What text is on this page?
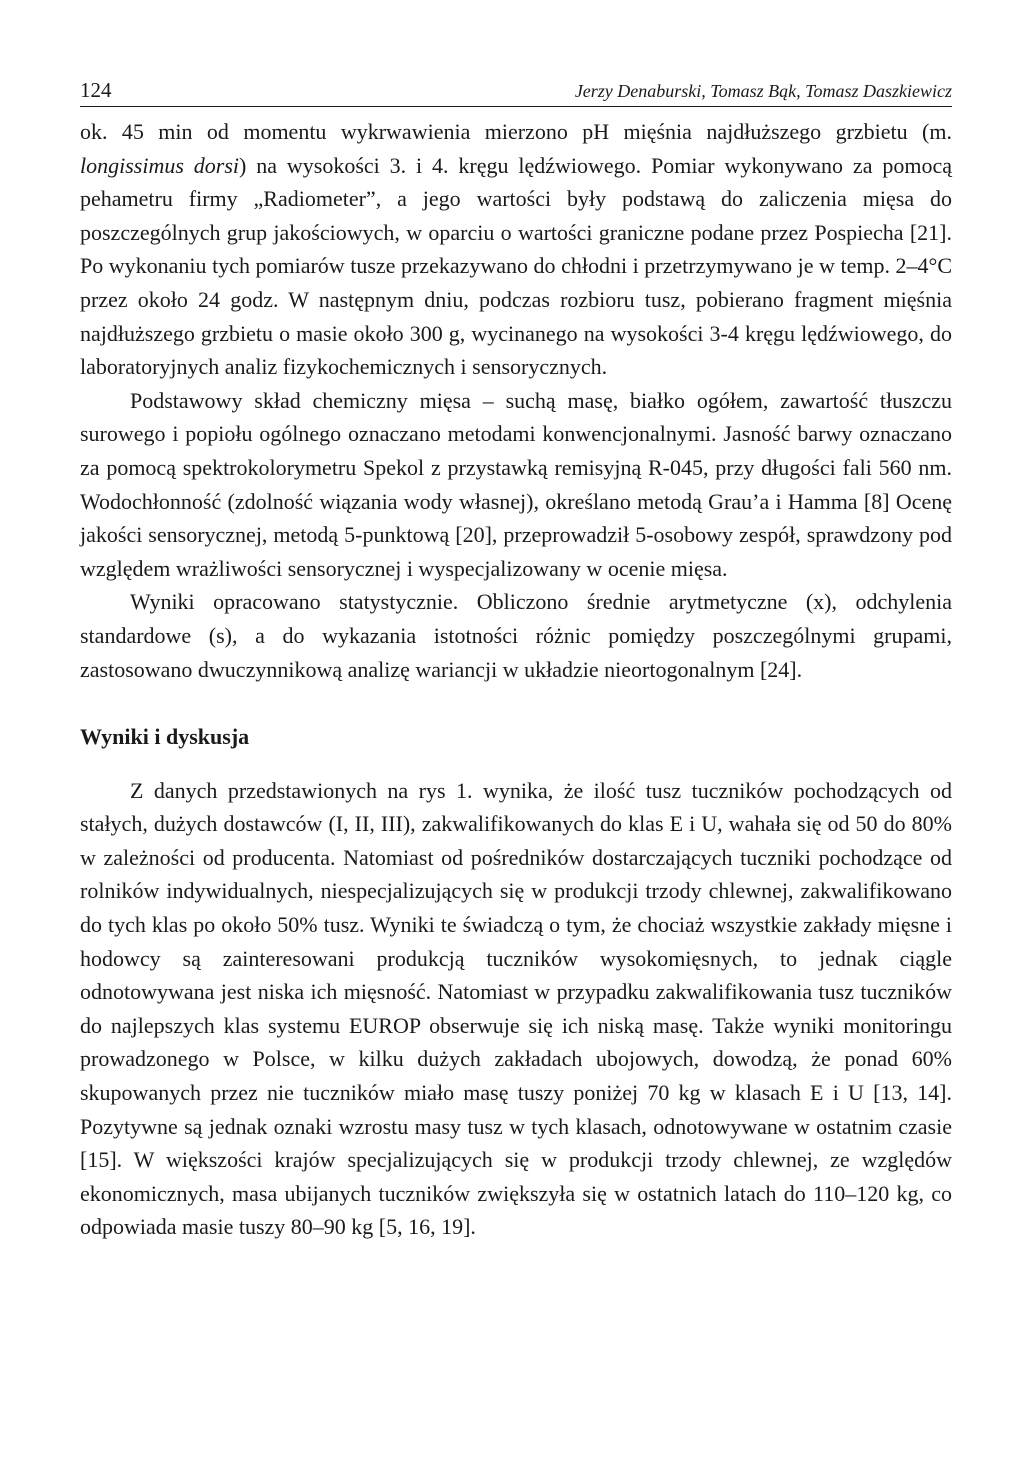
124	Jerzy Denaburski, Tomasz Bąk, Tomasz Daszkiewicz

ok. 45 min od momentu wykrwawienia mierzono pH mięśnia najdłuższego grzbietu (m. longissimus dorsi) na wysokości 3. i 4. kręgu lędźwiowego. Pomiar wykonywano za pomocą pehametru firmy „Radiometer”, a jego wartości były podstawą do zaliczenia mięsa do poszczególnych grup jakościowych, w oparciu o wartości graniczne podane przez Pospiecha [21]. Po wykonaniu tych pomiarów tusze przekazywano do chłodni i przetrzymywano je w temp. 2–4°C przez około 24 godz. W następnym dniu, podczas rozbioru tusz, pobierano fragment mięśnia najdłuższego grzbietu o masie około 300 g, wycinanego na wysokości 3-4 kręgu lędźwiowego, do laboratoryjnych analiz fizykochemicznych i sensorycznych.

Podstawowy skład chemiczny mięsa – suchą masę, białko ogółem, zawartość tłuszczu surowego i popiołu ogólnego oznaczano metodami konwencjonalnymi. Jasność barwy oznaczano za pomocą spektrokolorymetru Spekol z przystawką remisyjną R-045, przy długości fali 560 nm. Wodochłonność (zdolność wiązania wody własnej), określano metodą Grau’a i Hamma [8] Ocenę jakości sensorycznej, metodą 5-punktową [20], przeprowadził 5-osobowy zespół, sprawdzony pod względem wrażliwości sensorycznej i wyspecjalizowany w ocenie mięsa.

Wyniki opracowano statystycznie. Obliczono średnie arytmetyczne (x), odchylenia standardowe (s), a do wykazania istotności różnic pomiędzy poszczególnymi grupami, zastosowano dwuczynnikową analizę wariancji w układzie nieortogonalnym [24].

Wyniki i dyskusja

Z danych przedstawionych na rys 1. wynika, że ilość tusz tuczników pochodzących od stałych, dużych dostawców (I, II, III), zakwalifikowanych do klas E i U, wahała się od 50 do 80% w zależności od producenta. Natomiast od pośredników dostarczających tuczniki pochodzące od rolników indywidualnych, niespecjalizujących się w produkcji trzody chlewnej, zakwalifikowano do tych klas po około 50% tusz. Wyniki te świadczą o tym, że chociaż wszystkie zakłady mięsne i hodowcy są zainteresowani produkcją tuczników wysokomięsnych, to jednak ciągle odnotowywana jest niska ich mięsność. Natomiast w przypadku zakwalifikowania tusz tuczników do najlepszych klas systemu EUROP obserwuje się ich niską masę. Także wyniki monitoringu prowadzonego w Polsce, w kilku dużych zakładach ubojowych, dowodzą, że ponad 60% skupowanych przez nie tuczników miało masę tuszy poniżej 70 kg w klasach E i U [13, 14]. Pozytywne są jednak oznaki wzrostu masy tusz w tych klasach, odnotowywane w ostatnim czasie [15]. W większości krajów specjalizujących się w produkcji trzody chlewnej, ze względów ekonomicznych, masa ubijanych tuczników zwiększyła się w ostatnich latach do 110–120 kg, co odpowiada masie tuszy 80–90 kg [5, 16, 19].
